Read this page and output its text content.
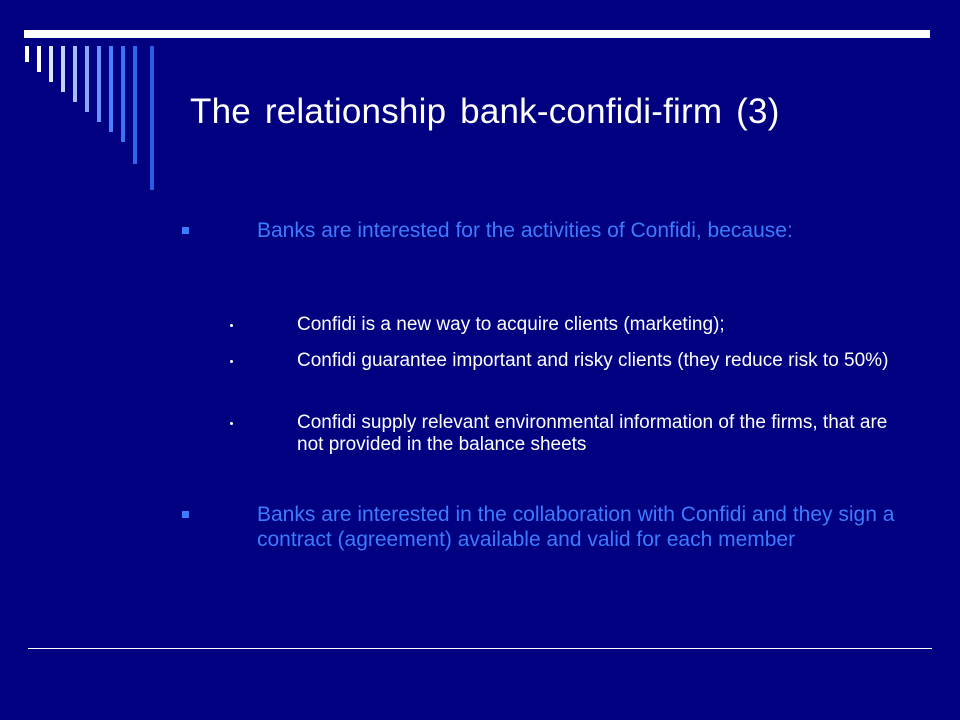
The relationship bank-confidi-firm (3)
Banks are interested for the activities of Confidi, because:
Confidi is a new way to acquire clients (marketing);
Confidi guarantee important and risky clients (they reduce risk to 50%)
Confidi supply relevant environmental information of the firms, that are not provided in the balance sheets
Banks are interested in the collaboration with Confidi and they sign a contract (agreement) available and valid for each member
